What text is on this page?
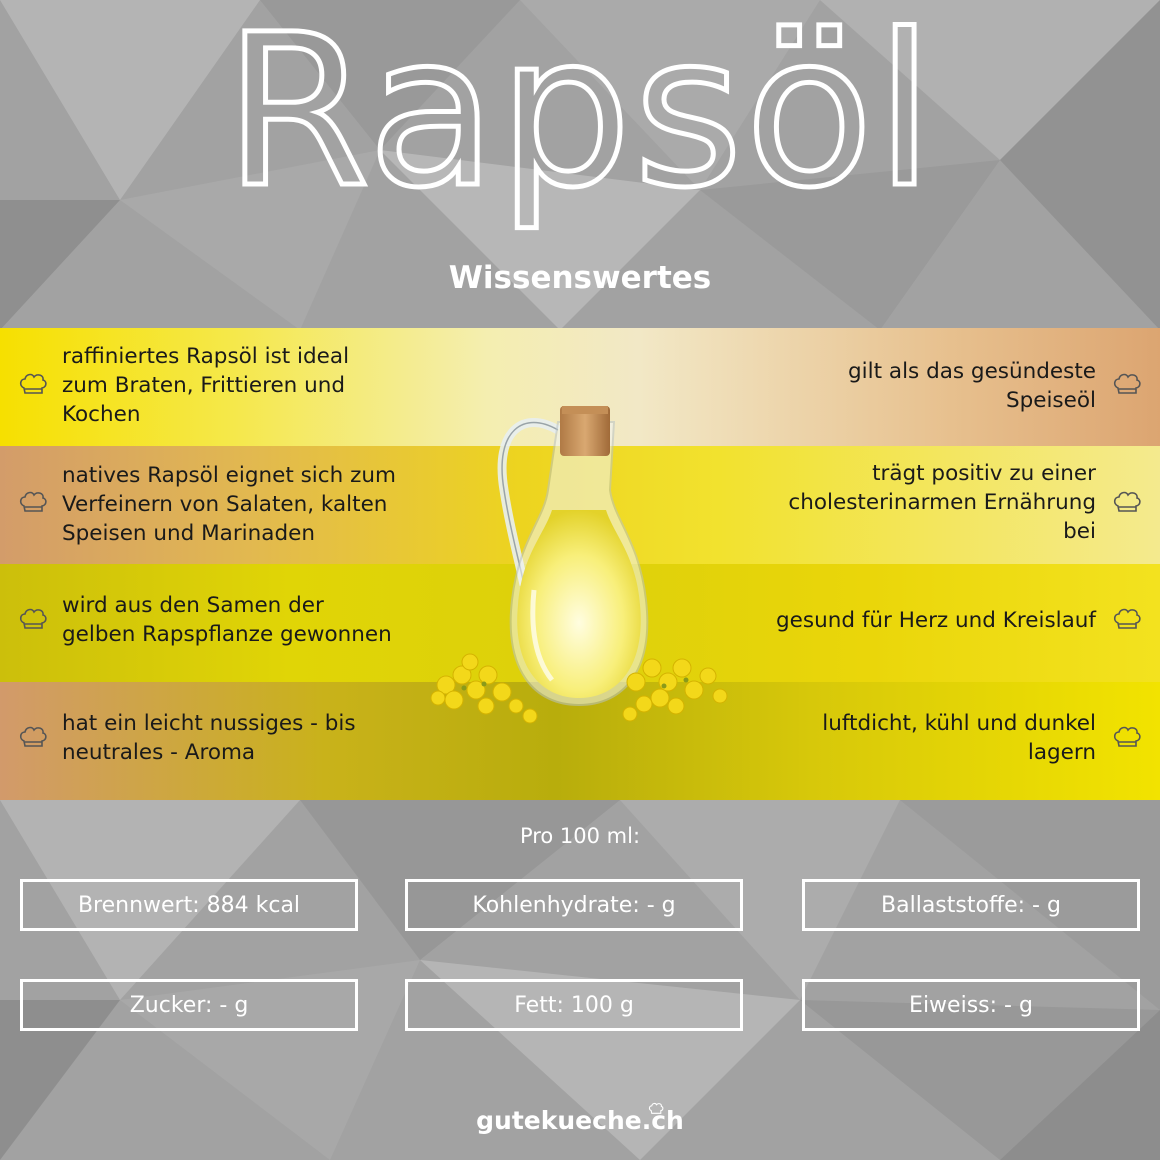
Rapsöl
Wissenswertes
raffiniertes Rapsöl ist ideal
zum Braten, Frittieren und
Kochen
natives Rapsöl eignet sich zum
Verfeinern von Salaten, kalten
Speisen und Marinaden
wird aus den Samen der
gelben Rapspflanze gewonnen
hat ein leicht nussiges - bis
neutrales - Aroma
gilt als das gesündeste
Speiseöl
trägt positiv zu einer
cholesterinarmen Ernährung
bei
gesund für Herz und Kreislauf
luftdicht, kühl und dunkel
lagern
Pro 100 ml:
Brennwert: 884 kcal	Kohlenhydrate: - g	Ballaststoffe: - g
Zucker: - g	Fett: 100 g	Eiweiss: - g
gutekueche.ch
